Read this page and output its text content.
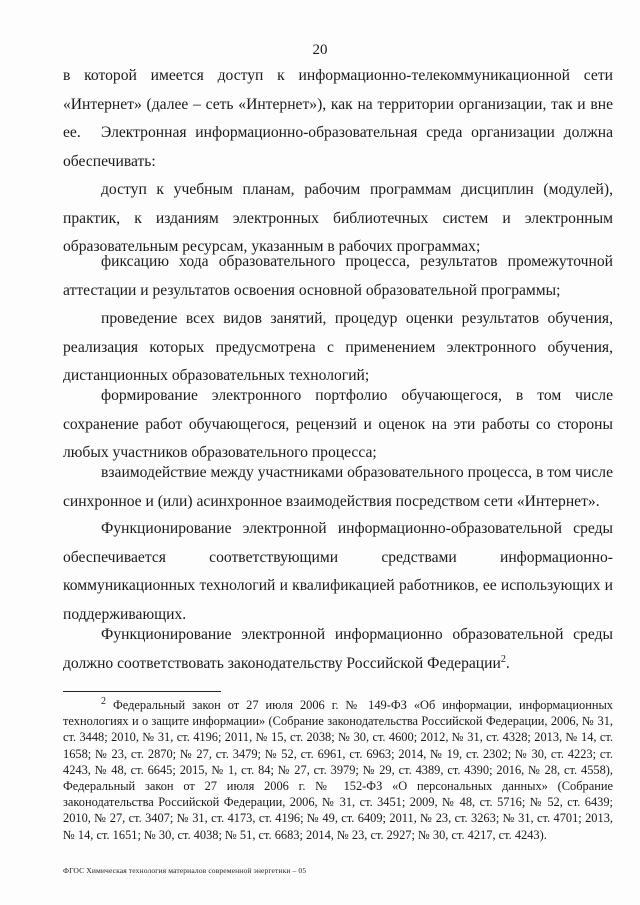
20

в которой имеется доступ к информационно-телекоммуникационной сети «Интернет» (далее – сеть «Интернет»), как на территории организации, так и вне ее.	Электронная информационно-образовательная среда организации должна обеспечивать:

доступ к учебным планам, рабочим программам дисциплин (модулей), практик, к изданиям электронных библиотечных систем и электронным образовательным ресурсам, указанным в рабочих программах;

фиксацию хода образовательного процесса, результатов промежуточной аттестации и результатов освоения основной образовательной программы;

проведение всех видов занятий, процедур оценки результатов обучения, реализация которых предусмотрена с применением электронного обучения, дистанционных образовательных технологий;

формирование электронного портфолио обучающегося, в том числе сохранение работ обучающегося, рецензий и оценок на эти работы со стороны любых участников образовательного процесса;

взаимодействие между участниками образовательного процесса, в том числе синхронное и (или) асинхронное взаимодействия посредством сети «Интернет».

Функционирование электронной информационно-образовательной среды обеспечивается соответствующими средствами информационно-коммуникационных технологий и квалификацией работников, ее использующих и поддерживающих.

Функционирование электронной информационно образовательной среды должно соответствовать законодательству Российской Федерации$^2$.

$^2$ Федеральный закон от 27 июля 2006 г. № 149-ФЗ «Об информации, информационных технологиях и о защите информации» (Собрание законодательства Российской Федерации, 2006, № 31, ст. 3448; 2010, № 31, ст. 4196; 2011, № 15, ст. 2038; № 30, ст. 4600; 2012, № 31, ст. 4328; 2013, № 14, ст. 1658; № 23, ст. 2870; № 27, ст. 3479; № 52, ст. 6961, ст. 6963; 2014, № 19, ст. 2302; № 30, ст. 4223; ст. 4243, № 48, ст. 6645; 2015, № 1, ст. 84; № 27, ст. 3979; № 29, ст. 4389, ст. 4390; 2016, № 28, ст. 4558), Федеральный закон от 27 июля 2006 г. № 152-ФЗ «О персональных данных» (Собрание законодательства Российской Федерации, 2006, № 31, ст. 3451; 2009, № 48, ст. 5716; № 52, ст. 6439; 2010, № 27, ст. 3407; № 31, ст. 4173, ст. 4196; № 49, ст. 6409; 2011, № 23, ст. 3263; № 31, ст. 4701; 2013, № 14, ст. 1651; № 30, ст. 4038; № 51, ст. 6683; 2014, № 23, ст. 2927; № 30, ст. 4217, ст. 4243).

ФГОС Химическая технология материалов современной энергетики – 05
